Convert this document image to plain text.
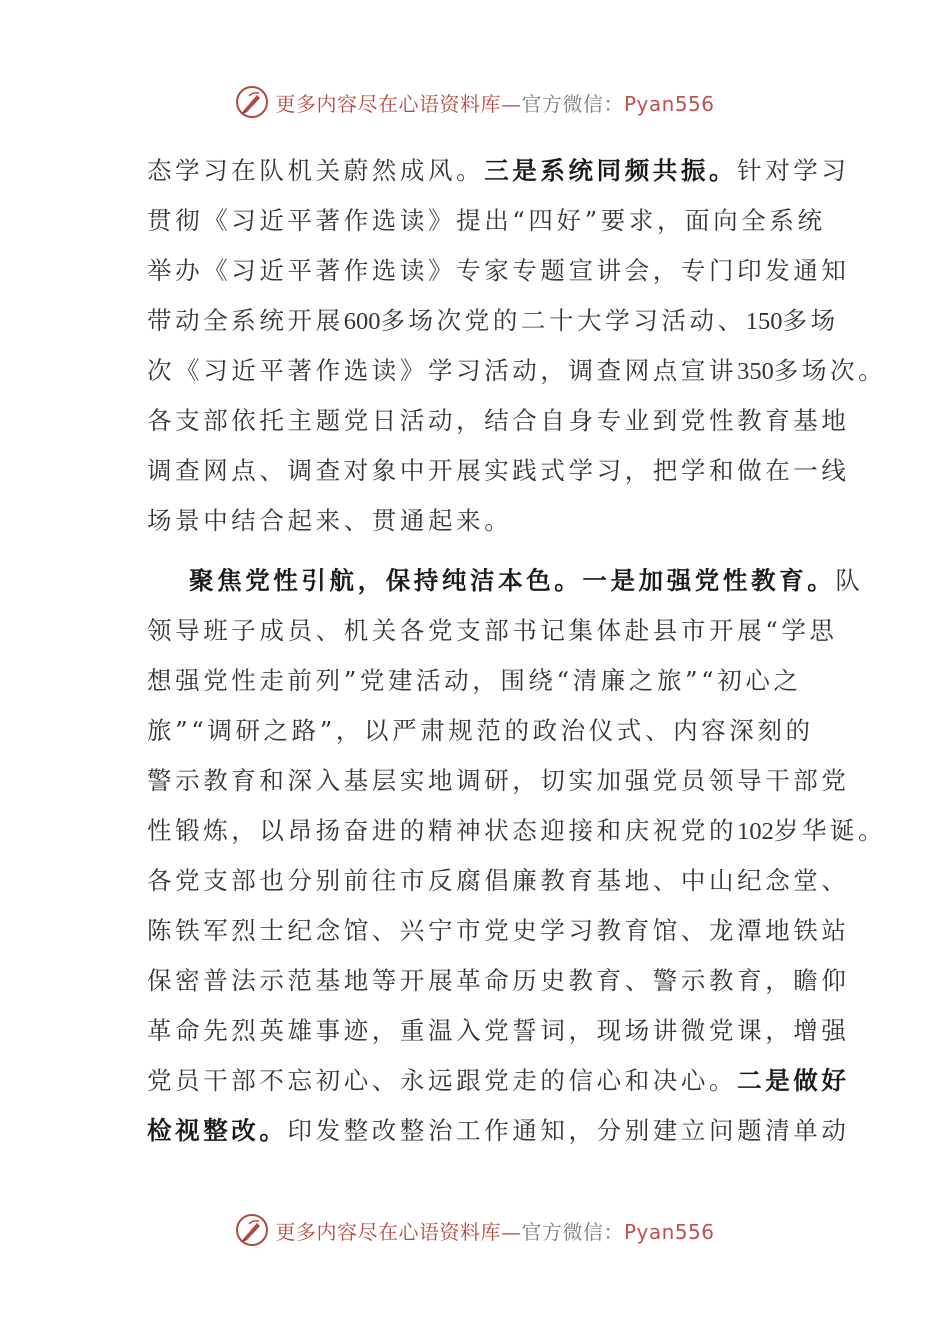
更多内容尽在心语资料库—官方微信：Pyan556
态学习在队机关蔚然成风。三是系统同频共振。针对学习
贯彻《习近平著作选读》提出“四好”要求，面向全系统
举办《习近平著作选读》专家专题宣讲会，专门印发通知
带动全系统开展600多场次党的二十大学习活动、150多场
次《习近平著作选读》学习活动，调查网点宣讲350多场次。
各支部依托主题党日活动，结合自身专业到党性教育基地
调查网点、调查对象中开展实践式学习，把学和做在一线
场景中结合起来、贯通起来。
聚焦党性引航，保持纯洁本色。一是加强党性教育。队
领导班子成员、机关各党支部书记集体赴县市开展“学思
想强党性走前列”党建活动，围绕“清廉之旅”“初心之
旅”“调研之路”，以严肃规范的政治仪式、内容深刻的
警示教育和深入基层实地调研，切实加强党员领导干部党
性锻炼，以昂扬奋进的精神状态迎接和庆祝党的102岁华诞。
各党支部也分别前往市反腐倡廉教育基地、中山纪念堂、
陈铁军烈士纪念馆、兴宁市党史学习教育馆、龙潭地铁站
保密普法示范基地等开展革命历史教育、警示教育，瞻仰
革命先烈英雄事迹，重温入党誓词，现场讲微党课，增强
党员干部不忘初心、永远跟党走的信心和决心。二是做好
检视整改。印发整改整治工作通知，分别建立问题清单动
更多内容尽在心语资料库—官方微信：Pyan556
